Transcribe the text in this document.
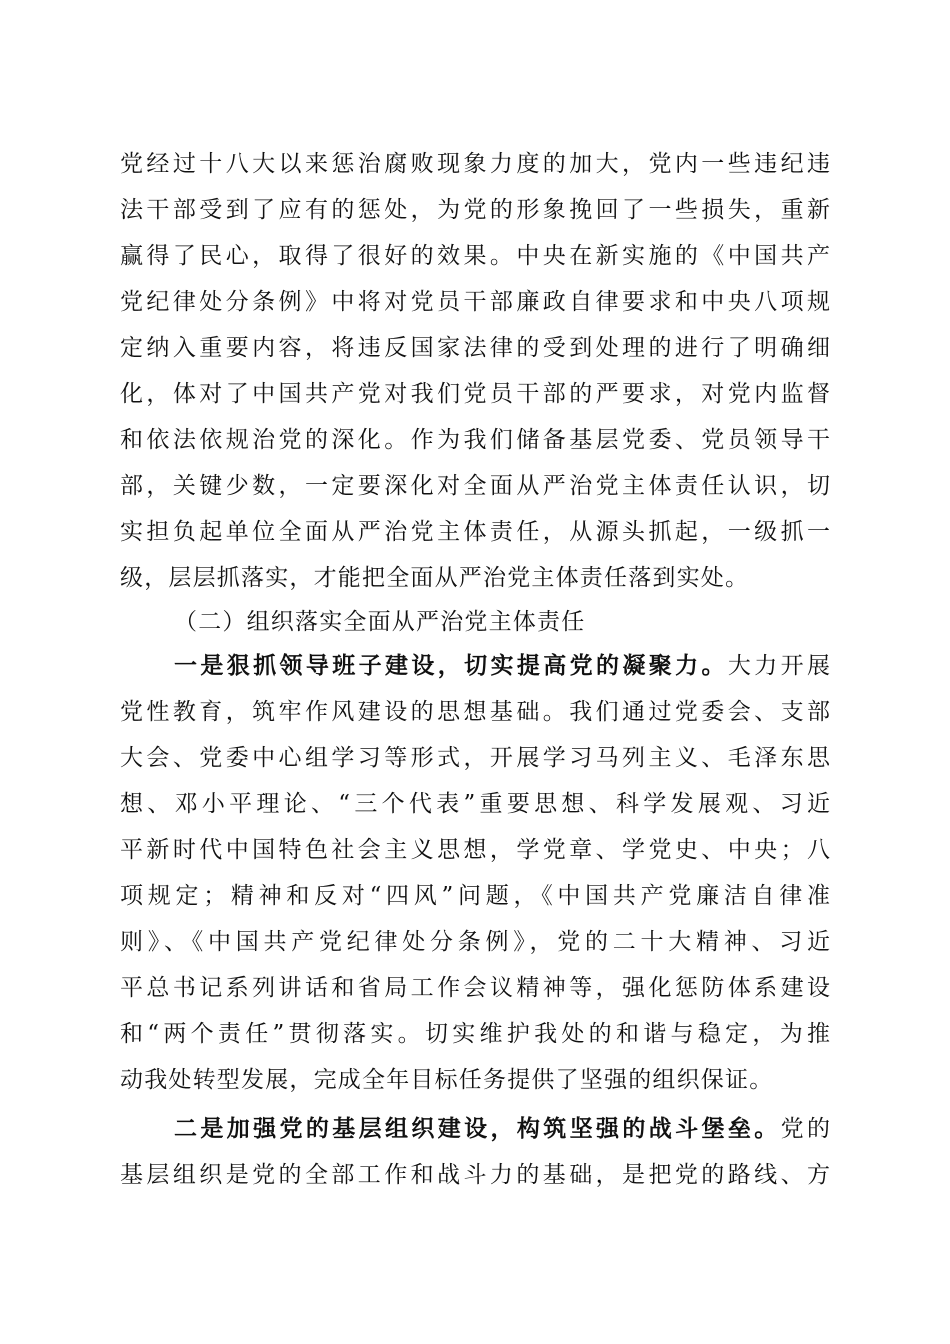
党经过十八大以来惩治腐败现象力度的加大，党内一些违纪违
法干部受到了应有的惩处，为党的形象挽回了一些损失，重新
赢得了民心，取得了很好的效果。中央在新实施的《中国共产
党纪律处分条例》中将对党员干部廉政自律要求和中央八项规
定纳入重要内容，将违反国家法律的受到处理的进行了明确细
化，体对了中国共产党对我们党员干部的严要求，对党内监督
和依法依规治党的深化。作为我们储备基层党委、党员领导干
部，关键少数，一定要深化对全面从严治党主体责任认识，切
实担负起单位全面从严治党主体责任，从源头抓起，一级抓一
级，层层抓落实，才能把全面从严治党主体责任落到实处。
（二）组织落实全面从严治党主体责任
一是狠抓领导班子建设，切实提高党的凝聚力。大力开展
党性教育，筑牢作风建设的思想基础。我们通过党委会、支部
大会、党委中心组学习等形式，开展学习马列主义、毛泽东思
想、邓小平理论、“三个代表”重要思想、科学发展观、习近
平新时代中国特色社会主义思想，学党章、学党史、中央；八
项规定；精神和反对“四风”问题，《中国共产党廉洁自律准
则》、《中国共产党纪律处分条例》，党的二十大精神、习近
平总书记系列讲话和省局工作会议精神等，强化惩防体系建设
和“两个责任”贯彻落实。切实维护我处的和谐与稳定，为推
动我处转型发展，完成全年目标任务提供了坚强的组织保证。
二是加强党的基层组织建设，构筑坚强的战斗堡垒。党的
基层组织是党的全部工作和战斗力的基础，是把党的路线、方
